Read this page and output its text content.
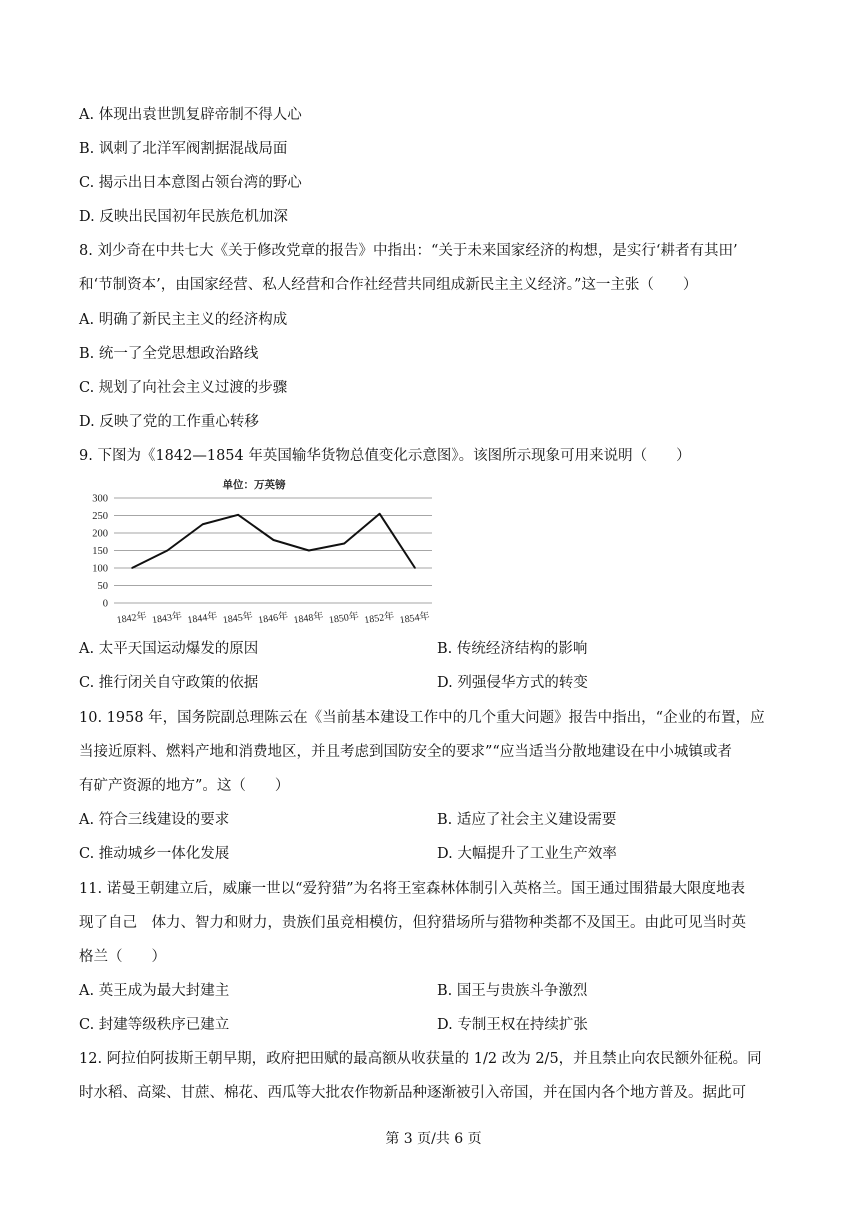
A. 体现出袁世凯复辟帝制不得人心
B. 讽刺了北洋军阀割据混战局面
C. 揭示出日本意图占领台湾的野心
D. 反映出民国初年民族危机加深
8. 刘少奇在中共七大《关于修改党章的报告》中指出：“关于未来国家经济的构想，是实行‘耕者有其田’
和‘节制资本’，由国家经营、私人经营和合作社经营共同组成新民主主义经济。”这一主张（　　）
A. 明确了新民主主义的经济构成
B. 统一了全党思想政治路线
C. 规划了向社会主义过渡的步骤
D. 反映了党的工作重心转移
9. 下图为《1842—1854 年英国输华货物总值变化示意图》。该图所示现象可用来说明（　　）
单位：万英镑
0
50
100
150
200
250
300
1842年 1843年 1844年 1845年 1846年 1848年 1850年 1852年 1854年
A. 太平天国运动爆发的原因	B. 传统经济结构的影响
C. 推行闭关自守政策的依据	D. 列强侵华方式的转变
10. 1958 年，国务院副总理陈云在《当前基本建设工作中的几个重大问题》报告中指出，“企业的布置，应
当接近原料、燃料产地和消费地区，并且考虑到国防安全的要求”“应当适当分散地建设在中小城镇或者
有矿产资源的地方”。这（　　）
A. 符合三线建设的要求	B. 适应了社会主义建设需要
C. 推动城乡一体化发展	D. 大幅提升了工业生产效率
11. 诺曼王朝建立后，威廉一世以“爱狩猎”为名将王室森林体制引入英格兰。国王通过围猎最大限度地表
现了自己　体力、智力和财力，贵族们虽竞相模仿，但狩猎场所与猎物种类都不及国王。由此可见当时英
格兰（　　）
A. 英王成为最大封建主	B. 国王与贵族斗争激烈
C. 封建等级秩序已建立	D. 专制王权在持续扩张
12. 阿拉伯阿拔斯王朝早期，政府把田赋的最高额从收获量的 1/2 改为 2/5，并且禁止向农民额外征税。同
时水稻、高粱、甘蔗、棉花、西瓜等大批农作物新品种逐渐被引入帝国，并在国内各个地方普及。据此可
第 3 页/共 6 页
